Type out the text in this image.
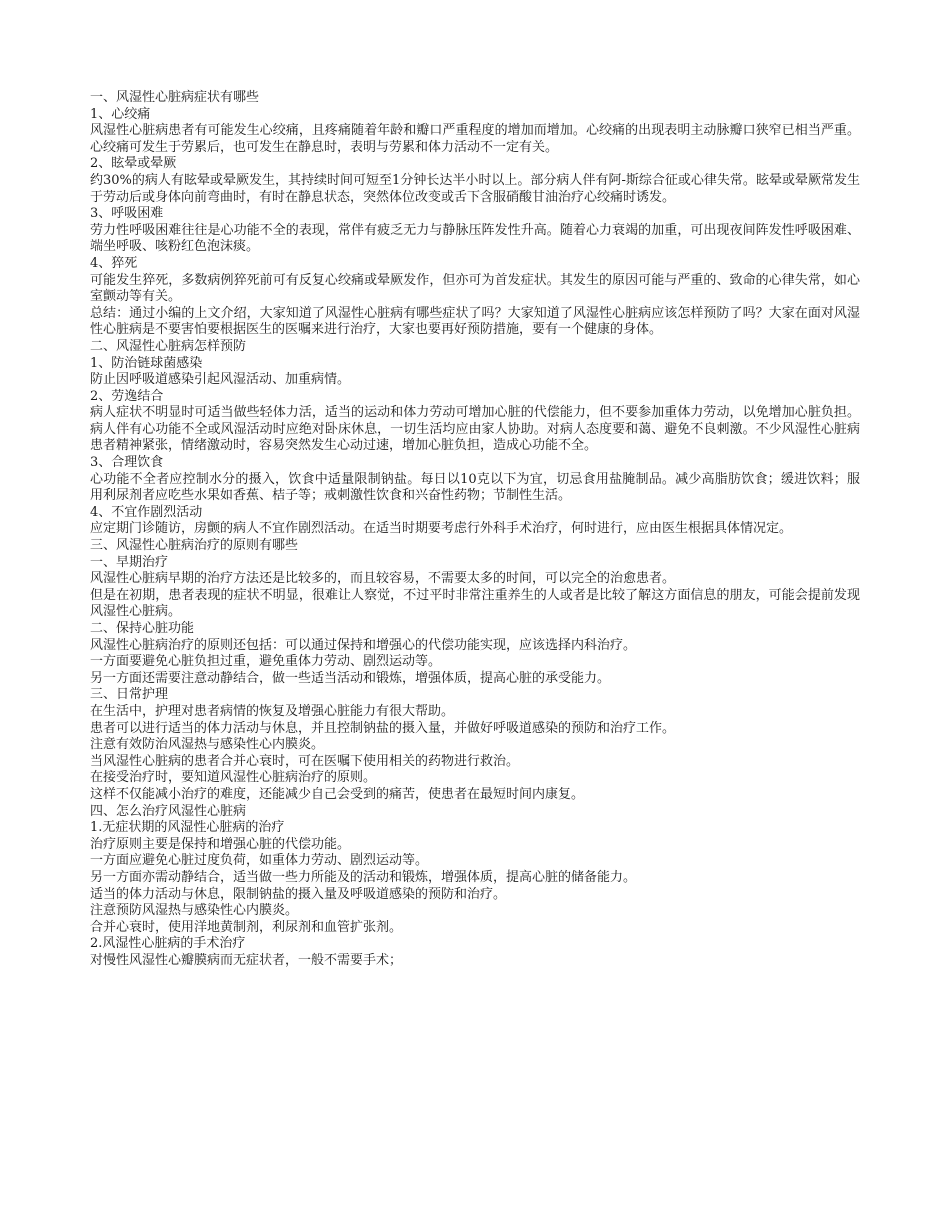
一、风湿性心脏病症状有哪些

1、心绞痛

风湿性心脏病患者有可能发生心绞痛，且疼痛随着年龄和瓣口严重程度的增加而增加。心绞痛的出现表明主动脉瓣口狭窄已相当严重。心绞痛可发生于劳累后，也可发生在静息时，表明与劳累和体力活动不一定有关。

2、眩晕或晕厥

约30%的病人有眩晕或晕厥发生，其持续时间可短至1分钟长达半小时以上。部分病人伴有阿-斯综合征或心律失常。眩晕或晕厥常发生于劳动后或身体向前弯曲时，有时在静息状态，突然体位改变或舌下含服硝酸甘油治疗心绞痛时诱发。

3、呼吸困难

劳力性呼吸困难往往是心功能不全的表现，常伴有疲乏无力与静脉压阵发性升高。随着心力衰竭的加重，可出现夜间阵发性呼吸困难、端坐呼吸、咳粉红色泡沫痰。

4、猝死

可能发生猝死，多数病例猝死前可有反复心绞痛或晕厥发作，但亦可为首发症状。其发生的原因可能与严重的、致命的心律失常，如心室颤动等有关。

总结：通过小编的上文介绍，大家知道了风湿性心脏病有哪些症状了吗？大家知道了风湿性心脏病应该怎样预防了吗？大家在面对风湿性心脏病是不要害怕要根据医生的医嘱来进行治疗，大家也要再好预防措施，要有一个健康的身体。

二、风湿性心脏病怎样预防

1、防治链球菌感染

防止因呼吸道感染引起风湿活动、加重病情。

2、劳逸结合

病人症状不明显时可适当做些轻体力活，适当的运动和体力劳动可增加心脏的代偿能力，但不要参加重体力劳动，以免增加心脏负担。病人伴有心功能不全或风湿活动时应绝对卧床休息，一切生活均应由家人协助。对病人态度要和蔼、避免不良刺激。不少风湿性心脏病患者精神紧张，情绪激动时，容易突然发生心动过速，增加心脏负担，造成心功能不全。

3、合理饮食

心功能不全者应控制水分的摄入，饮食中适量限制钠盐。每日以10克以下为宜，切忌食用盐腌制品。减少高脂肪饮食；缓进饮料；服用利尿剂者应吃些水果如香蕉、桔子等；戒刺激性饮食和兴奋性药物；节制性生活。

4、不宜作剧烈活动

应定期门诊随访，房颤的病人不宜作剧烈活动。在适当时期要考虑行外科手术治疗，何时进行，应由医生根据具体情况定。

三、风湿性心脏病治疗的原则有哪些

一、早期治疗

风湿性心脏病早期的治疗方法还是比较多的，而且较容易，不需要太多的时间，可以完全的治愈患者。

但是在初期，患者表现的症状不明显，很难让人察觉，不过平时非常注重养生的人或者是比较了解这方面信息的朋友，可能会提前发现风湿性心脏病。

二、保持心脏功能

风湿性心脏病治疗的原则还包括：可以通过保持和增强心的代偿功能实现，应该选择内科治疗。

一方面要避免心脏负担过重，避免重体力劳动、剧烈运动等。

另一方面还需要注意动静结合，做一些适当活动和锻炼，增强体质，提高心脏的承受能力。

三、日常护理

在生活中，护理对患者病情的恢复及增强心脏能力有很大帮助。

患者可以进行适当的体力活动与休息，并且控制钠盐的摄入量，并做好呼吸道感染的预防和治疗工作。

注意有效防治风湿热与感染性心内膜炎。

当风湿性心脏病的患者合并心衰时，可在医嘱下使用相关的药物进行救治。

在接受治疗时，要知道风湿性心脏病治疗的原则。

这样不仅能减小治疗的难度，还能减少自己会受到的痛苦，使患者在最短时间内康复。

四、怎么治疗风湿性心脏病

1.无症状期的风湿性心脏病的治疗

治疗原则主要是保持和增强心脏的代偿功能。

一方面应避免心脏过度负荷，如重体力劳动、剧烈运动等。

另一方面亦需动静结合，适当做一些力所能及的活动和锻炼，增强体质，提高心脏的储备能力。

适当的体力活动与休息，限制钠盐的摄入量及呼吸道感染的预防和治疗。

注意预防风湿热与感染性心内膜炎。

合并心衰时，使用洋地黄制剂，利尿剂和血管扩张剂。

2.风湿性心脏病的手术治疗

对慢性风湿性心瓣膜病而无症状者，一般不需要手术；
